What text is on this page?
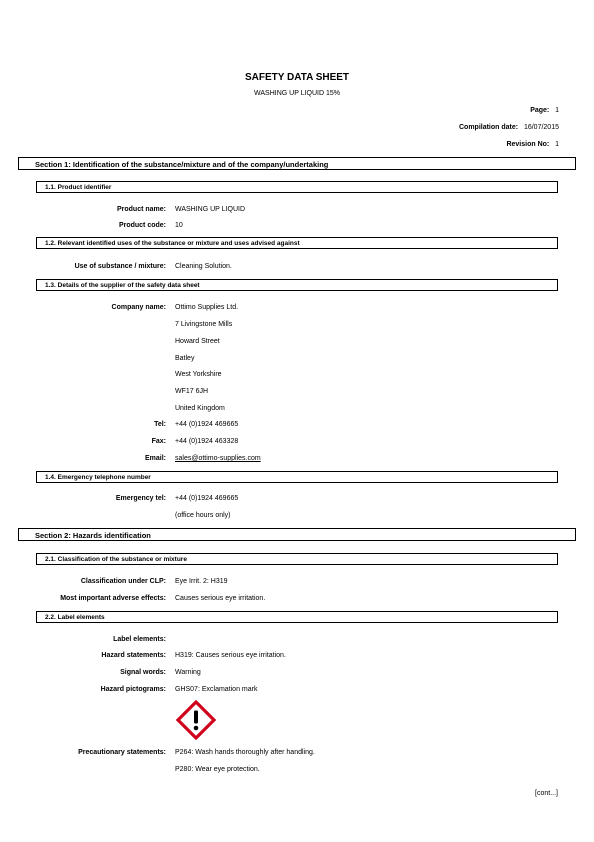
SAFETY DATA SHEET
WASHING UP LIQUID 15%
Page: 1
Compilation date: 16/07/2015
Revision No: 1
Section 1: Identification of the substance/mixture and of the company/undertaking
1.1. Product identifier
Product name: WASHING UP LIQUID
Product code: 10
1.2. Relevant identified uses of the substance or mixture and uses advised against
Use of substance / mixture: Cleaning Solution.
1.3. Details of the supplier of the safety data sheet
Company name: Ottimo Supplies Ltd.
7 Livingstone Mills
Howard Street
Batley
West Yorkshire
WF17 6JH
United Kingdom
Tel: +44 (0)1924 469665
Fax: +44 (0)1924 463328
Email: sales@ottimo-supplies.com
1.4. Emergency telephone number
Emergency tel: +44 (0)1924 469665
(office hours only)
Section 2: Hazards identification
2.1. Classification of the substance or mixture
Classification under CLP: Eye Irrit. 2: H319
Most important adverse effects: Causes serious eye irritation.
2.2. Label elements
Label elements:
Hazard statements: H319: Causes serious eye irritation.
Signal words: Warning
Hazard pictograms: GHS07: Exclamation mark
Precautionary statements: P264: Wash hands thoroughly after handling.
P280: Wear eye protection.
[cont...]
